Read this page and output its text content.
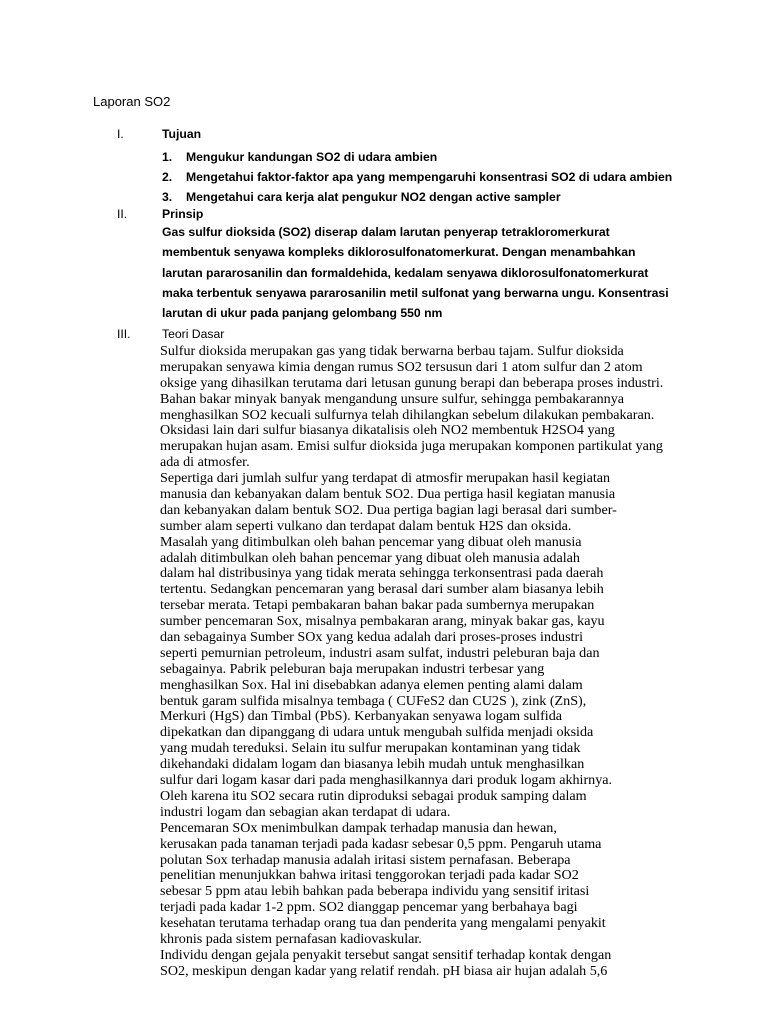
Laporan SO2
I.	Tujuan
1. Mengukur kandungan SO2 di udara ambien
2. Mengetahui faktor-faktor apa yang mempengaruhi konsentrasi SO2 di udara ambien
3. Mengetahui cara kerja alat pengukur NO2 dengan active sampler
II.	Prinsip
Gas sulfur dioksida (SO2) diserap dalam larutan penyerap tetrakloromerkurat
membentuk senyawa kompleks diklorosulfonatomerkurat. Dengan menambahkan
larutan pararosanilin dan formaldehida, kedalam senyawa diklorosulfonatomerkurat
maka terbentuk senyawa pararosanilin metil sulfonat yang berwarna ungu. Konsentrasi
larutan di ukur pada panjang gelombang 550 nm
III.	Teori Dasar
Sulfur dioksida merupakan gas yang tidak berwarna berbau tajam. Sulfur dioksida
merupakan senyawa kimia dengan rumus SO2 tersusun dari 1 atom sulfur dan 2 atom
oksige yang dihasilkan terutama dari letusan gunung berapi dan beberapa proses industri.
Bahan bakar minyak banyak mengandung unsure sulfur, sehingga pembakarannya
menghasilkan SO2 kecuali sulfurnya telah dihilangkan sebelum dilakukan pembakaran.
Oksidasi lain dari sulfur biasanya dikatalisis oleh NO2 membentuk H2SO4 yang
merupakan hujan asam. Emisi sulfur dioksida juga merupakan komponen partikulat yang
ada di atmosfer.
Sepertiga dari jumlah sulfur yang terdapat di atmosfir merupakan hasil kegiatan
manusia dan kebanyakan dalam bentuk SO2. Dua pertiga hasil kegiatan manusia
dan kebanyakan dalam bentuk SO2. Dua pertiga bagian lagi berasal dari sumber-
sumber alam seperti vulkano dan terdapat dalam bentuk H2S dan oksida.
Masalah yang ditimbulkan oleh bahan pencemar yang dibuat oleh manusia
adalah ditimbulkan oleh bahan pencemar yang dibuat oleh manusia adalah
dalam hal distribusinya yang tidak merata sehingga terkonsentrasi pada daerah
tertentu. Sedangkan pencemaran yang berasal dari sumber alam biasanya lebih
tersebar merata. Tetapi pembakaran bahan bakar pada sumbernya merupakan
sumber pencemaran Sox, misalnya pembakaran arang, minyak bakar gas, kayu
dan sebagainya Sumber SOx yang kedua adalah dari proses-proses industri
seperti pemurnian petroleum, industri asam sulfat, industri peleburan baja dan
sebagainya. Pabrik peleburan baja merupakan industri terbesar yang
menghasilkan Sox. Hal ini disebabkan adanya elemen penting alami dalam
bentuk garam sulfida misalnya tembaga ( CUFeS2 dan CU2S ), zink (ZnS),
Merkuri (HgS) dan Timbal (PbS). Kerbanyakan senyawa logam sulfida
dipekatkan dan dipanggang di udara untuk mengubah sulfida menjadi oksida
yang mudah tereduksi. Selain itu sulfur merupakan kontaminan yang tidak
dikehandaki didalam logam dan biasanya lebih mudah untuk menghasilkan
sulfur dari logam kasar dari pada menghasilkannya dari produk logam akhirnya.
Oleh karena itu SO2 secara rutin diproduksi sebagai produk samping dalam
industri logam dan sebagian akan terdapat di udara.
Pencemaran SOx menimbulkan dampak terhadap manusia dan hewan,
kerusakan pada tanaman terjadi pada kadasr sebesar 0,5 ppm. Pengaruh utama
polutan Sox terhadap manusia adalah iritasi sistem pernafasan. Beberapa
penelitian menunjukkan bahwa iritasi tenggorokan terjadi pada kadar SO2
sebesar 5 ppm atau lebih bahkan pada beberapa individu yang sensitif iritasi
terjadi pada kadar 1-2 ppm. SO2 dianggap pencemar yang berbahaya bagi
kesehatan terutama terhadap orang tua dan penderita yang mengalami penyakit
khronis pada sistem pernafasan kadiovaskular.
Individu dengan gejala penyakit tersebut sangat sensitif terhadap kontak dengan
SO2, meskipun dengan kadar yang relatif rendah. pH biasa air hujan adalah 5,6
